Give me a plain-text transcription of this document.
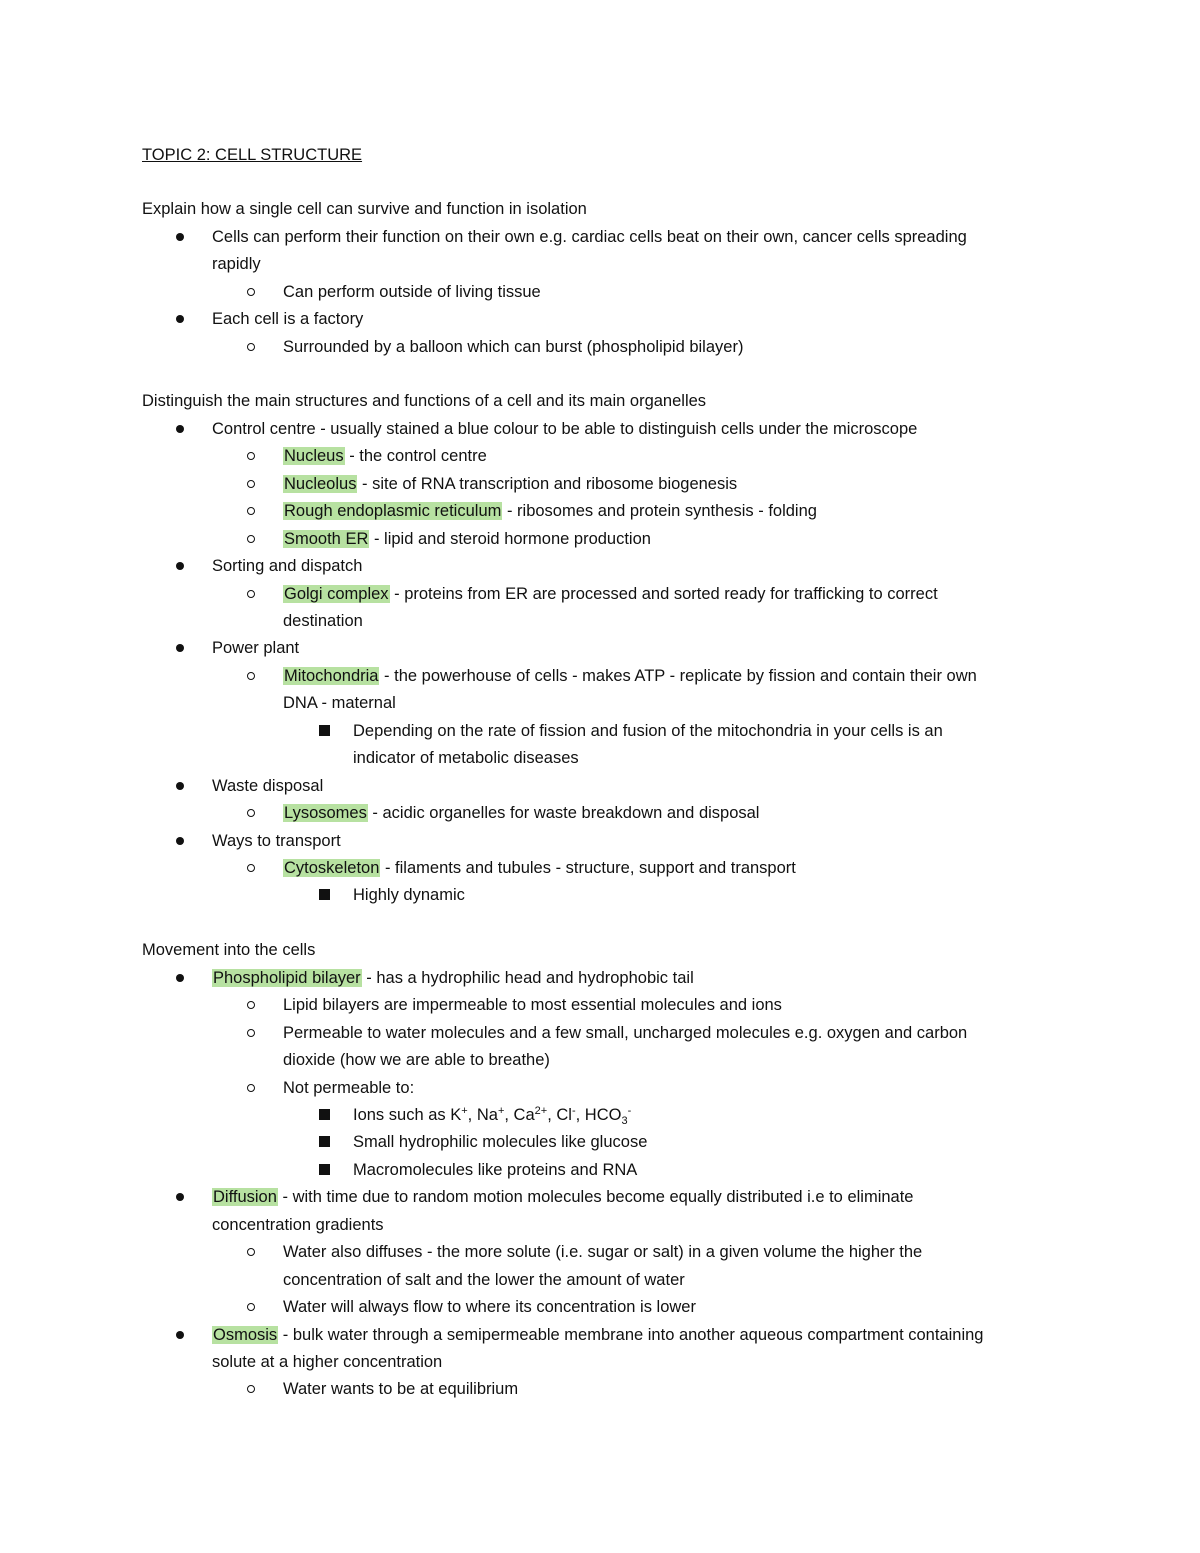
TOPIC 2: CELL STRUCTURE
Explain how a single cell can survive and function in isolation
Cells can perform their function on their own e.g. cardiac cells beat on their own, cancer cells spreading
rapidly
Can perform outside of living tissue
Each cell is a factory
Surrounded by a balloon which can burst (phospholipid bilayer)
Distinguish the main structures and functions of a cell and its main organelles
Control centre - usually stained a blue colour to be able to distinguish cells under the microscope
Nucleus - the control centre
Nucleolus - site of RNA transcription and ribosome biogenesis
Rough endoplasmic reticulum - ribosomes and protein synthesis - folding
Smooth ER - lipid and steroid hormone production
Sorting and dispatch
Golgi complex - proteins from ER are processed and sorted ready for trafficking to correct
destination
Power plant
Mitochondria - the powerhouse of cells - makes ATP - replicate by fission and contain their own
DNA - maternal
Depending on the rate of fission and fusion of the mitochondria in your cells is an
indicator of metabolic diseases
Waste disposal
Lysosomes - acidic organelles for waste breakdown and disposal
Ways to transport
Cytoskeleton - filaments and tubules - structure, support and transport
Highly dynamic
Movement into the cells
Phospholipid bilayer - has a hydrophilic head and hydrophobic tail
Lipid bilayers are impermeable to most essential molecules and ions
Permeable to water molecules and a few small, uncharged molecules e.g. oxygen and carbon
dioxide (how we are able to breathe)
Not permeable to:
Ions such as K+, Na+, $Ca^{2+}$, Cl-, $HCO_3^-$
Small hydrophilic molecules like glucose
Macromolecules like proteins and RNA
Diffusion - with time due to random motion molecules become equally distributed i.e to eliminate
concentration gradients
Water also diffuses - the more solute (i.e. sugar or salt) in a given volume the higher the
concentration of salt and the lower the amount of water
Water will always flow to where its concentration is lower
Osmosis - bulk water through a semipermeable membrane into another aqueous compartment containing
solute at a higher concentration
Water wants to be at equilibrium
